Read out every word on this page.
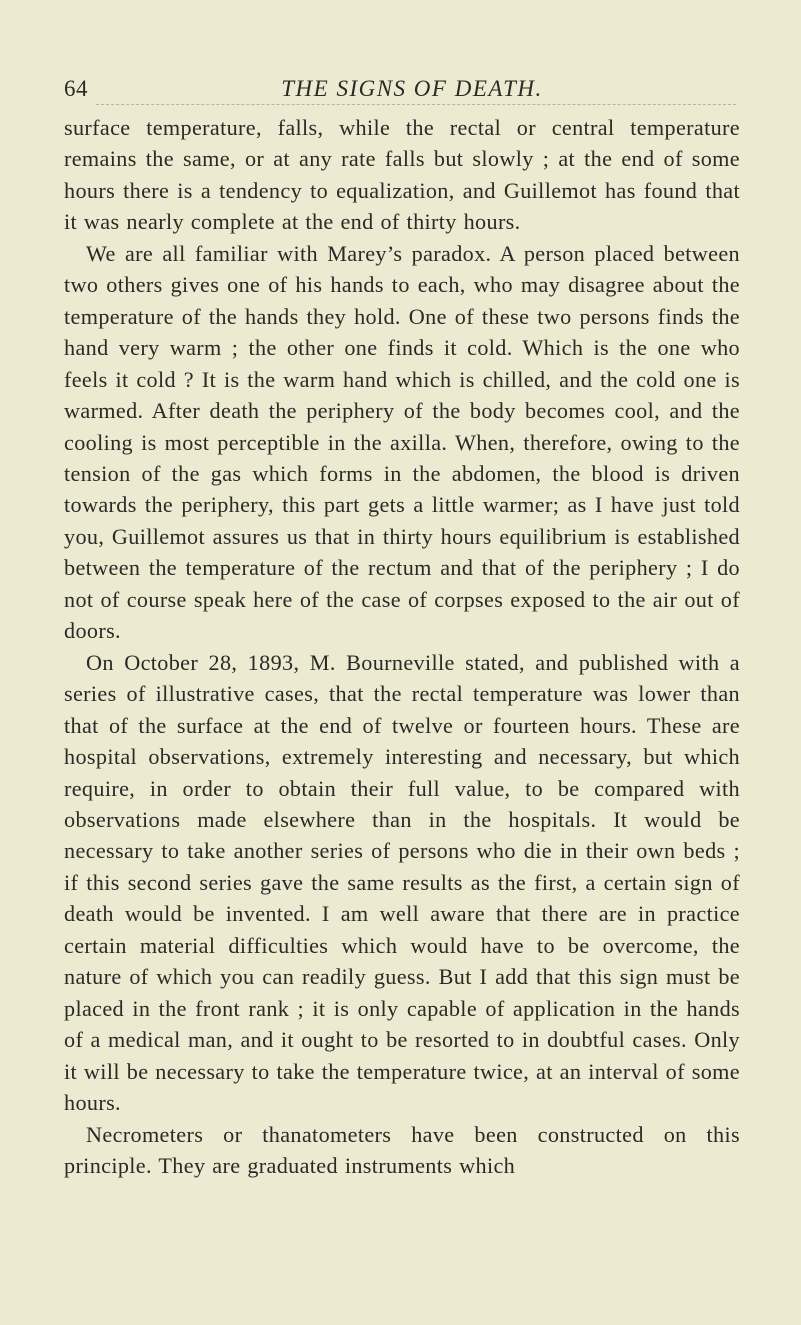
64	THE SIGNS OF DEATH.

surface temperature, falls, while the rectal or central temperature remains the same, or at any rate falls but slowly ; at the end of some hours there is a tendency to equalization, and Guillemot has found that it was nearly complete at the end of thirty hours.

We are all familiar with Marey’s paradox. A person placed between two others gives one of his hands to each, who may disagree about the temperature of the hands they hold. One of these two persons finds the hand very warm ; the other one finds it cold. Which is the one who feels it cold ? It is the warm hand which is chilled, and the cold one is warmed. After death the periphery of the body becomes cool, and the cooling is most perceptible in the axilla. When, therefore, owing to the tension of the gas which forms in the abdomen, the blood is driven towards the periphery, this part gets a little warmer; as I have just told you, Guillemot assures us that in thirty hours equilibrium is established between the temperature of the rectum and that of the periphery ; I do not of course speak here of the case of corpses exposed to the air out of doors.

On October 28, 1893, M. Bourneville stated, and published with a series of illustrative cases, that the rectal temperature was lower than that of the surface at the end of twelve or fourteen hours. These are hospital observations, extremely interesting and necessary, but which require, in order to obtain their full value, to be compared with observations made elsewhere than in the hospitals. It would be necessary to take another series of persons who die in their own beds ; if this second series gave the same results as the first, a certain sign of death would be invented. I am well aware that there are in practice certain material difficulties which would have to be overcome, the nature of which you can readily guess. But I add that this sign must be placed in the front rank ; it is only capable of application in the hands of a medical man, and it ought to be resorted to in doubtful cases. Only it will be necessary to take the temperature twice, at an interval of some hours.

Necrometers or thanatometers have been constructed on this principle. They are graduated instruments which
